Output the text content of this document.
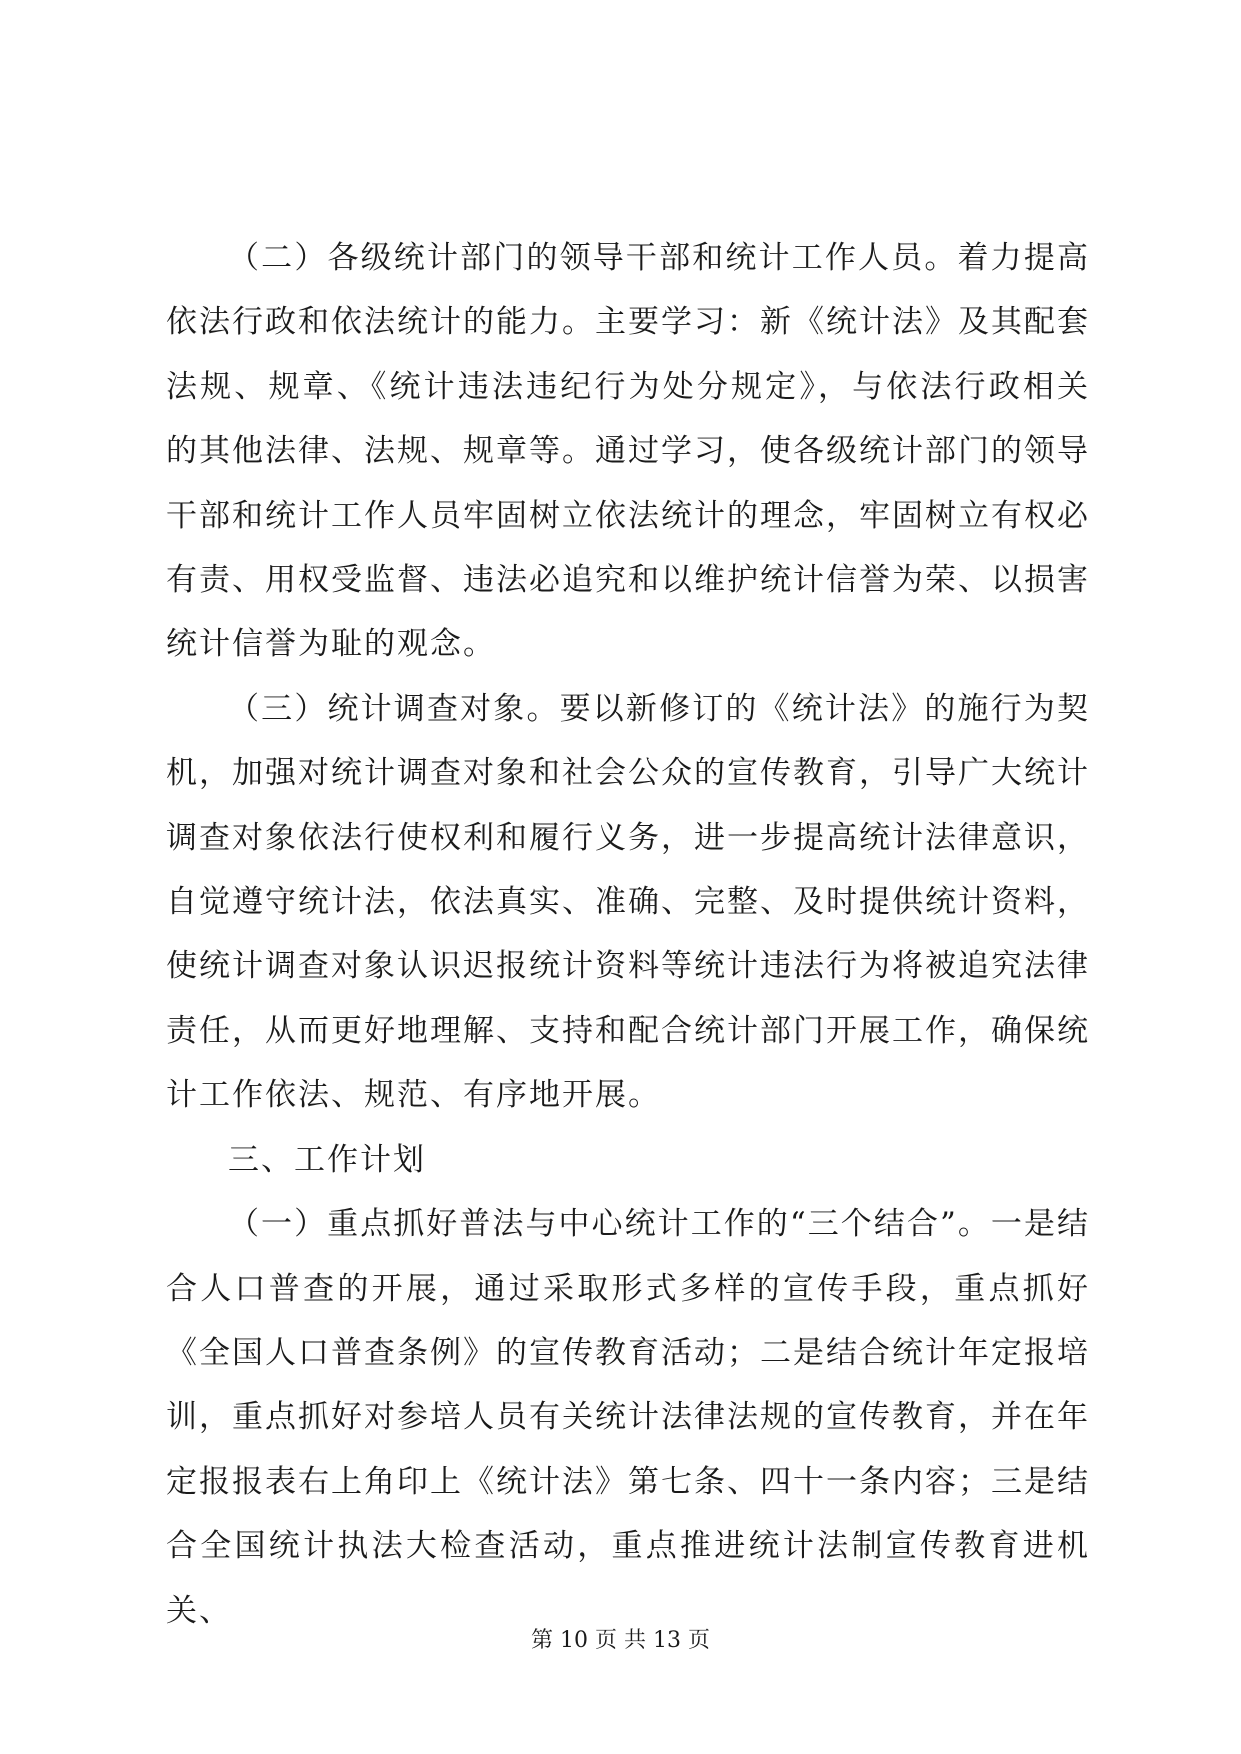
（二）各级统计部门的领导干部和统计工作人员。着力提高依法行政和依法统计的能力。主要学习：新《统计法》及其配套法规、规章、《统计违法违纪行为处分规定》，与依法行政相关的其他法律、法规、规章等。通过学习，使各级统计部门的领导干部和统计工作人员牢固树立依法统计的理念，牢固树立有权必有责、用权受监督、违法必追究和以维护统计信誉为荣、以损害统计信誉为耻的观念。

（三）统计调查对象。要以新修订的《统计法》的施行为契机，加强对统计调查对象和社会公众的宣传教育，引导广大统计调查对象依法行使权利和履行义务，进一步提高统计法律意识，自觉遵守统计法，依法真实、准确、完整、及时提供统计资料，使统计调查对象认识迟报统计资料等统计违法行为将被追究法律责任，从而更好地理解、支持和配合统计部门开展工作，确保统计工作依法、规范、有序地开展。

三、工作计划

（一）重点抓好普法与中心统计工作的“三个结合”。一是结合人口普查的开展，通过采取形式多样的宣传手段，重点抓好《全国人口普查条例》的宣传教育活动；二是结合统计年定报培训，重点抓好对参培人员有关统计法律法规的宣传教育，并在年定报报表右上角印上《统计法》第七条、四十一条内容；三是结合全国统计执法大检查活动，重点推进统计法制宣传教育进机关、

第 10 页 共 13 页
